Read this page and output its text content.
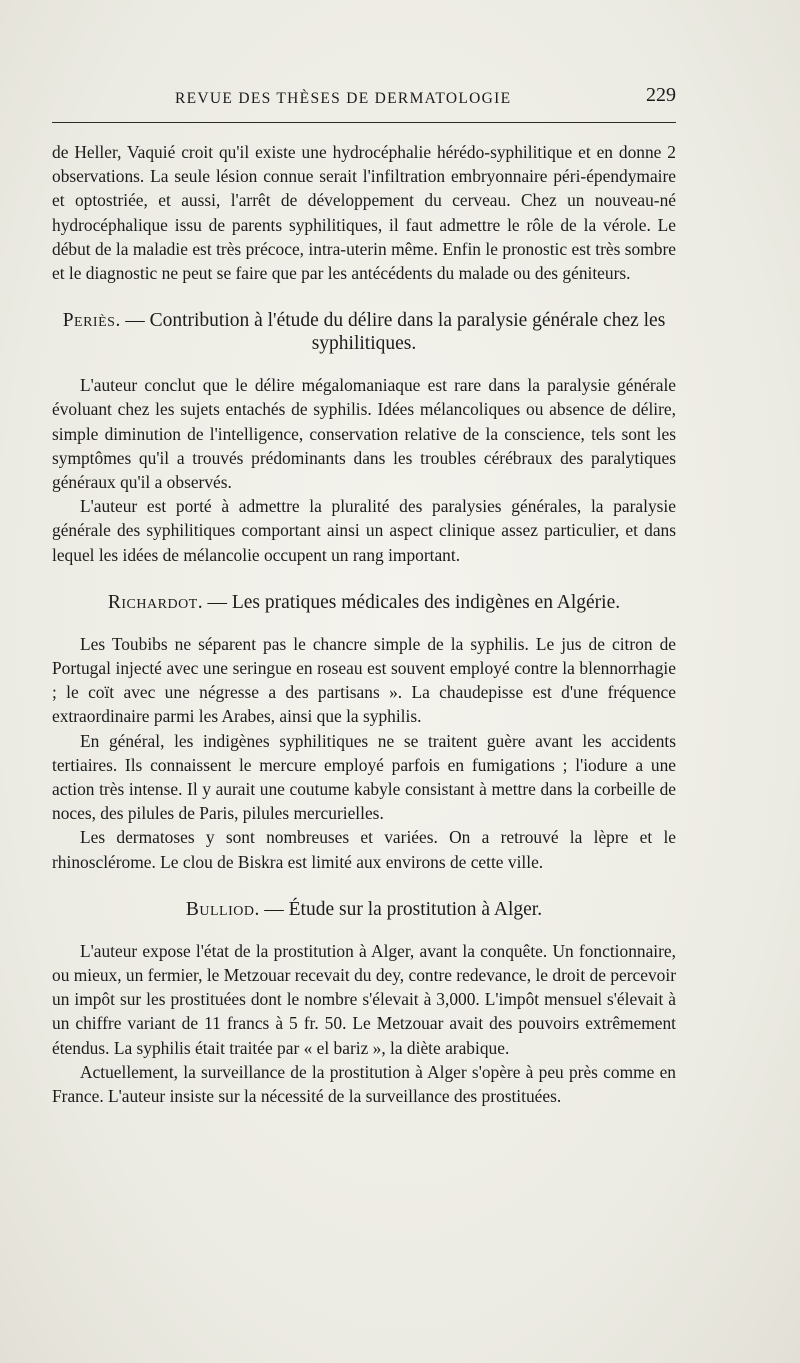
REVUE DES THÈSES DE DERMATOLOGIE	229

de Heller, Vaquié croit qu'il existe une hydrocéphalie hérédo-syphilitique et en donne 2 observations. La seule lésion connue serait l'infiltration embryonnaire péri-épendymaire et optostriée, et aussi, l'arrêt de développement du cerveau. Chez un nouveau-né hydrocéphalique issu de parents syphilitiques, il faut admettre le rôle de la vérole. Le début de la maladie est très précoce, intra-uterin même. Enfin le pronostic est très sombre et le diagnostic ne peut se faire que par les antécédents du malade ou des géniteurs.

Periès. — Contribution à l'étude du délire dans la paralysie générale chez les syphilitiques.

L'auteur conclut que le délire mégalomaniaque est rare dans la paralysie générale évoluant chez les sujets entachés de syphilis. Idées mélancoliques ou absence de délire, simple diminution de l'intelligence, conservation relative de la conscience, tels sont les symptômes qu'il a trouvés prédominants dans les troubles cérébraux des paralytiques généraux qu'il a observés.

L'auteur est porté à admettre la pluralité des paralysies générales, la paralysie générale des syphilitiques comportant ainsi un aspect clinique assez particulier, et dans lequel les idées de mélancolie occupent un rang important.

Richardot. — Les pratiques médicales des indigènes en Algérie.

Les Toubibs ne séparent pas le chancre simple de la syphilis. Le jus de citron de Portugal injecté avec une seringue en roseau est souvent employé contre la blennorrhagie ; le coït avec une négresse a des partisans ». La chaudepisse est d'une fréquence extraordinaire parmi les Arabes, ainsi que la syphilis.

En général, les indigènes syphilitiques ne se traitent guère avant les accidents tertiaires. Ils connaissent le mercure employé parfois en fumigations ; l'iodure a une action très intense. Il y aurait une coutume kabyle consistant à mettre dans la corbeille de noces, des pilules de Paris, pilules mercurielles.

Les dermatoses y sont nombreuses et variées. On a retrouvé la lèpre et le rhinosclérome. Le clou de Biskra est limité aux environs de cette ville.

Bulliod. — Étude sur la prostitution à Alger.

L'auteur expose l'état de la prostitution à Alger, avant la conquête. Un fonctionnaire, ou mieux, un fermier, le Metzouar recevait du dey, contre redevance, le droit de percevoir un impôt sur les prostituées dont le nombre s'élevait à 3,000. L'impôt mensuel s'élevait à un chiffre variant de 11 francs à 5 fr. 50. Le Metzouar avait des pouvoirs extrêmement étendus. La syphilis était traitée par « el bariz », la diète arabique.

Actuellement, la surveillance de la prostitution à Alger s'opère à peu près comme en France. L'auteur insiste sur la nécessité de la surveillance des prostituées.
